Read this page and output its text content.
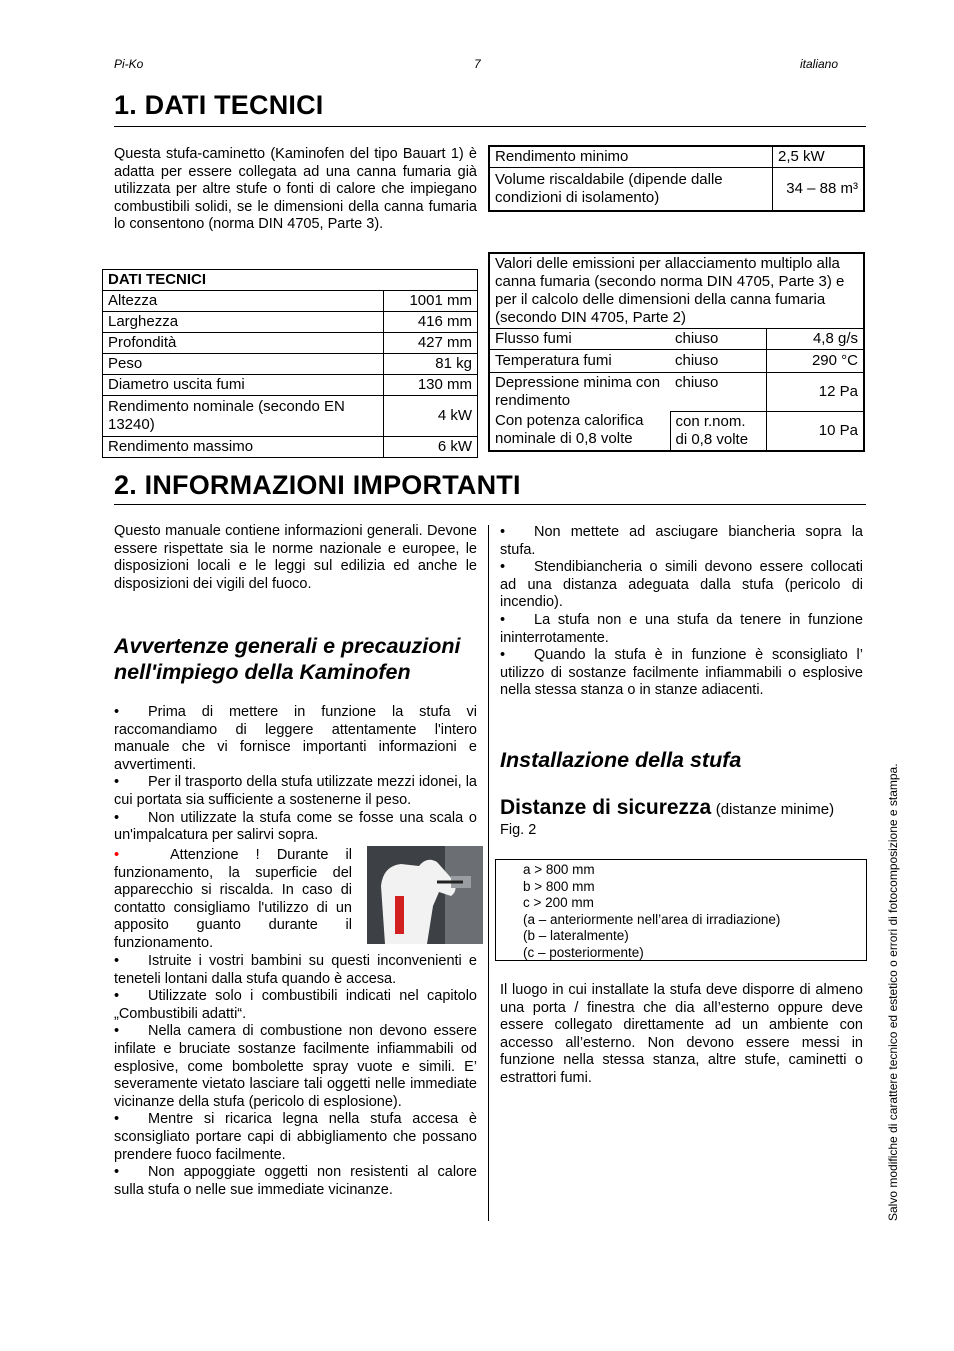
Pi-Ko	7	italiano
1. DATI TECNICI
Questa stufa-caminetto (Kaminofen del tipo Bauart 1) è adatta per essere collegata ad una canna fumaria già utilizzata per altre stufe o fonti di calore che impiegano combustibili solidi, se le dimensioni della canna fumaria lo consentono (norma DIN 4705, Parte 3).
DATI TECNICI	
Altezza	1001 mm
Larghezza	416 mm
Profondità	427 mm
Peso	81 kg
Diametro uscita fumi	130 mm
Rendimento nominale (secondo EN 13240)	4 kW
Rendimento massimo	6 kW
Rendimento minimo	2,5 kW
Volume riscaldabile (dipende dalle condizioni di isolamento)	34 – 88 m³
Valori delle emissioni per allacciamento multiplo alla canna fumaria (secondo norma DIN 4705, Parte 3) e per il calcolo delle dimensioni della canna fumaria (secondo DIN 4705, Parte 2)		
Flusso fumi	chiuso	4,8 g/s
Temperatura fumi	chiuso	290 °C
Depressione minima con rendimento	chiuso	12 Pa
Con potenza calorifica nominale di 0,8 volte	con r.nom. di 0,8 volte	10 Pa
2. INFORMAZIONI IMPORTANTI
Questo manuale contiene informazioni generali. Devone essere rispettate sia le norme nazionale e europee, le disposizioni locali e le leggi sul edilizia ed anche le disposizioni dei vigili del fuoco.
Avvertenze generali e precauzioni nell'impiego della Kaminofen
• Prima di mettere in funzione la stufa vi raccomandiamo di leggere attentamente l'intero manuale che vi fornisce importanti informazioni e avvertimenti.
• Per il trasporto della stufa utilizzate mezzi idonei, la cui portata sia sufficiente a sostenerne il peso.
• Non utilizzate la stufa come se fosse una scala o un'impalcatura per salirvi sopra.
•	Attenzione ! Durante il funzionamento, la superficie del apparecchio si riscalda. In caso di contatto consigliamo l'utilizzo di un apposito guanto durante il funzionamento.
• Istruite i vostri bambini su questi inconvenienti e teneteli lontani dalla stufa quando è accesa.
• Utilizzate solo i combustibili indicati nel capitolo „Combustibili adatti“.
• Nella camera di combustione non devono essere infilate e bruciate sostanze facilmente infiammabili od esplosive, come bombolette spray vuote e simili. E’ severamente vietato lasciare tali oggetti nelle immediate vicinanze della stufa (pericolo di esplosione).
• Mentre si ricarica legna nella stufa accesa è sconsigliato portare capi di abbigliamento che possano prendere fuoco facilmente.
• Non appoggiate oggetti non resistenti al calore sulla stufa o nelle sue immediate vicinanze.
• Non mettete ad asciugare biancheria sopra la stufa.
• Stendibiancheria o simili devono essere collocati ad una distanza adeguata dalla stufa (pericolo di incendio).
• La stufa non e una stufa da tenere in funzione ininterrotamente.
• Quando la stufa è in funzione è sconsigliato l’ utilizzo di sostanze facilmente infiammabili o esplosive nella stessa stanza o in stanze adiacenti.
Installazione della stufa
Distanze di sicurezza (distanze minime)
Fig. 2
a > 800 mm
b > 800 mm
c > 200 mm
(a – anteriormente nell’area di irradiazione)
(b – lateralmente)
(c – posteriormente)
Il luogo in cui installate la stufa deve disporre di almeno una porta / finestra che dia all’esterno oppure deve essere collegato direttamente ad un ambiente con accesso all’esterno. Non devono essere messi in funzione nella stessa stanza, altre stufe, caminetti o estrattori fumi.	Salvo modifiche di carattere tecnico ed estetico o errori di fotocomposizione e stampa.
